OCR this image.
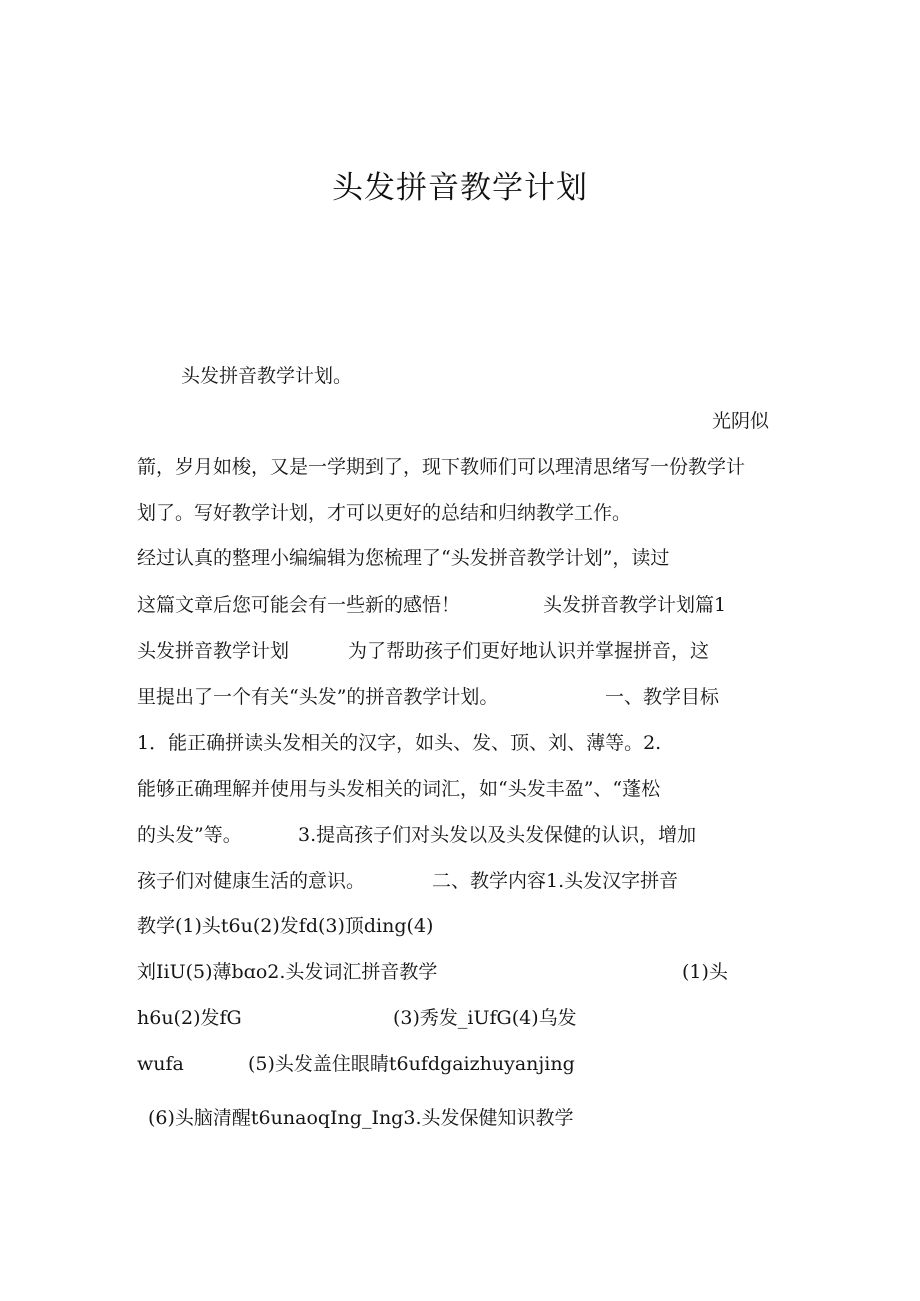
头发拼音教学计划
头发拼音教学计划。
光阴似
箭，岁月如梭，又是一学期到了，现下教师们可以理清思绪写一份教学计
划了。写好教学计划，才可以更好的总结和归纳教学工作。
经过认真的整理小编编辑为您梳理了“头发拼音教学计划”，读过
这篇文章后您可能会有一些新的感悟！	头发拼音教学计划篇1
头发拼音教学计划	为了帮助孩子们更好地认识并掌握拼音，这
里提出了一个有关“头发”的拼音教学计划。	一、教学目标
1．能正确拼读头发相关的汉字，如头、发、顶、刘、薄等。2.
能够正确理解并使用与头发相关的词汇，如“头发丰盈”、“蓬松
的头发”等。	3.提高孩子们对头发以及头发保健的认识，增加
孩子们对健康生活的意识。	二、教学内容1.头发汉字拼音
教学(1)头t6u(2)发fd(3)顶ding(4)
刘IiU(5)薄bɑo2.头发词汇拼音教学	(1)头
h6u(2)发fG	(3)秀发_iUfG(4)乌发
wufa	(5)头发盖住眼睛t6ufdgaizhuyanjing
(6)头脑清醒t6unaoqIng_Ing3.头发保健知识教学
